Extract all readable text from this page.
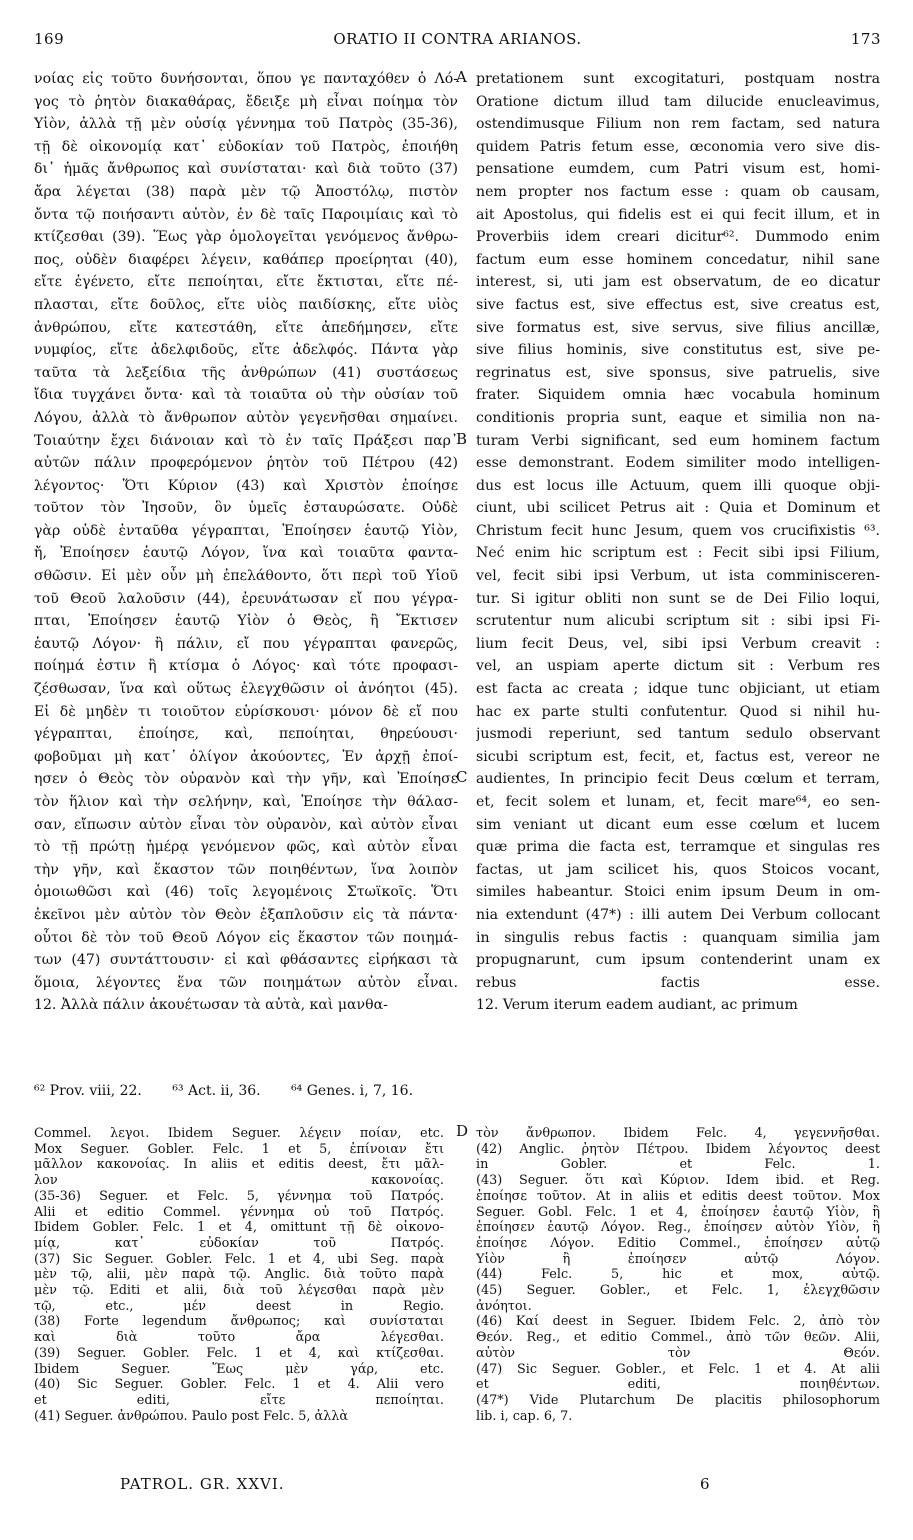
169	ORATIO II CONTRA ARIANOS.	173
νοίας εἰς τοῦτο δυνήσονται, ὅπου γε πανταχόθεν ὁ Λό-
γος τὸ ῥητὸν διακαθάρας, ἔδειξε μὴ εἶναι ποίημα τὸν
Υἱὸν, ἀλλὰ τῇ μὲν οὐσίᾳ γέννημα τοῦ Πατρὸς (35-36),
τῇ δὲ οἰκονομίᾳ κατ᾽ εὐδοκίαν τοῦ Πατρὸς, ἐποιήθη
δι᾽ ἡμᾶς ἄνθρωπος καὶ συνίσταται· καὶ διὰ τοῦτο (37)
ἄρα λέγεται (38) παρὰ μὲν τῷ Ἀποστόλῳ, πιστὸν
ὄντα τῷ ποιήσαντι αὐτὸν, ἐν δὲ ταῖς Παροιμίαις καὶ τὸ
κτίζεσθαι (39). Ἕως γὰρ ὁμολογεῖται γενόμενος ἄνθρω-
πος, οὐδὲν διαφέρει λέγειν, καθάπερ προείρηται (40),
εἴτε ἐγένετο, εἴτε πεποίηται, εἴτε ἔκτισται, εἴτε πέ-
πλασται, εἴτε δοῦλος, εἴτε υἱὸς παιδίσκης, εἴτε υἱὸς
ἀνθρώπου, εἴτε κατεστάθη, εἴτε ἀπεδήμησεν, εἴτε
νυμφίος, εἴτε ἀδελφιδοῦς, εἴτε ἀδελφός. Πάντα γὰρ
ταῦτα τὰ λεξείδια τῆς ἀνθρώπων (41) συστάσεως
ἴδια τυγχάνει ὄντα· καὶ τὰ τοιαῦτα οὐ τὴν οὐσίαν τοῦ
Λόγου, ἀλλὰ τὸ ἄνθρωπον αὐτὸν γεγενῆσθαι σημαίνει.
Τοιαύτην ἔχει διάνοιαν καὶ τὸ ἐν ταῖς Πράξεσι παρ᾽
αὐτῶν πάλιν προφερόμενον ῥητὸν τοῦ Πέτρου (42)
λέγοντος· Ὅτι Κύριον (43) καὶ Χριστὸν ἐποίησε
τοῦτον τὸν Ἰησοῦν, ὃν ὑμεῖς ἐσταυρώσατε. Οὐδὲ
γὰρ οὐδὲ ἐνταῦθα γέγραπται, Ἐποίησεν ἑαυτῷ Υἱὸν,
ἤ, Ἐποίησεν ἑαυτῷ Λόγον, ἵνα καὶ τοιαῦτα φαντα-
σθῶσιν. Εἰ μὲν οὖν μὴ ἐπελάθοντο, ὅτι περὶ τοῦ Υἱοῦ
τοῦ Θεοῦ λαλοῦσιν (44), ἐρευνάτωσαν εἴ που γέγρα-
πται, Ἐποίησεν ἑαυτῷ Υἱὸν ὁ Θεὸς, ἢ Ἔκτισεν
ἑαυτῷ Λόγον· ἢ πάλιν, εἴ που γέγραπται φανερῶς,
ποίημά ἐστιν ἢ κτίσμα ὁ Λόγος· καὶ τότε προφασι-
ζέσθωσαν, ἵνα καὶ οὕτως ἐλεγχθῶσιν οἱ ἀνόητοι (45).
Εἰ δὲ μηδὲν τι τοιοῦτον εὑρίσκουσι· μόνον δὲ εἴ που
γέγραπται, ἐποίησε, καὶ, πεποίηται, θηρεύουσι·
φοβοῦμαι μὴ κατ᾽ ὀλίγον ἀκούοντες, Ἐν ἀρχῇ ἐποί-
ησεν ὁ Θεὸς τὸν οὐρανὸν καὶ τὴν γῆν, καὶ Ἐποίησε
τὸν ἥλιον καὶ τὴν σελήνην, καὶ, Ἐποίησε τὴν θάλασ-
σαν, εἴπωσιν αὐτὸν εἶναι τὸν οὐρανὸν, καὶ αὐτὸν εἶναι
τὸ τῇ πρώτῃ ἡμέρᾳ γενόμενον φῶς, καὶ αὐτὸν εἶναι
τὴν γῆν, καὶ ἕκαστον τῶν ποιηθέντων, ἵνα λοιπὸν
ὁμοιωθῶσι καὶ (46) τοῖς λεγομένοις Στωϊκοῖς. Ὅτι
ἐκεῖνοι μὲν αὐτὸν τὸν Θεὸν ἐξαπλοῦσιν εἰς τὰ πάντα·
οὗτοι δὲ τὸν τοῦ Θεοῦ Λόγον εἰς ἕκαστον τῶν ποιημά-
των (47) συντάττουσιν· εἰ καὶ φθάσαντες εἰρήκασι τὰ
ὅμοια, λέγοντες ἕνα τῶν ποιημάτων αὐτὸν εἶναι.
12. Ἀλλὰ πάλιν ἀκουέτωσαν τὰ αὐτὰ, καὶ μανθα-
pretationem sunt excogitaturi, postquam nostra
Oratione dictum illud tam dilucide enucleavimus,
ostendimusque Filium non rem factam, sed natura
quidem Patris fetum esse, œconomia vero sive dis-
pensatione eumdem, cum Patri visum est, homi-
nem propter nos factum esse : quam ob causam,
ait Apostolus, qui fidelis est ei qui fecit illum, et in
Proverbiis idem creari dicitur⁶². Dummodo enim
factum eum esse hominem concedatur, nihil sane
interest, si, uti jam est observatum, de eo dicatur
sive factus est, sive effectus est, sive creatus est,
sive formatus est, sive servus, sive filius ancillæ,
sive filius hominis, sive constitutus est, sive pe-
regrinatus est, sive sponsus, sive patruelis, sive
frater. Siquidem omnia hæc vocabula hominum
conditionis propria sunt, eaque et similia non na-
turam Verbi significant, sed eum hominem factum
esse demonstrant. Eodem similiter modo intelligen-
dus est locus ille Actuum, quem illi quoque obji-
ciunt, ubi scilicet Petrus ait : Quia et Dominum et
Christum fecit hunc Jesum, quem vos crucifixistis ⁶³.
Neć enim hic scriptum est : Fecit sibi ipsi Filium,
vel, fecit sibi ipsi Verbum, ut ista comminisceren-
tur. Si igitur obliti non sunt se de Dei Filio loqui,
scrutentur num alicubi scriptum sit : sibi ipsi Fi-
lium fecit Deus, vel, sibi ipsi Verbum creavit :
vel, an uspiam aperte dictum sit : Verbum res
est facta ac creata ; idque tunc objiciant, ut etiam
hac ex parte stulti confutentur. Quod si nihil hu-
jusmodi reperiunt, sed tantum sedulo observant
sicubi scriptum est, fecit, et, factus est, vereor ne
audientes, In principio fecit Deus cœlum et terram,
et, fecit solem et lunam, et, fecit mare⁶⁴, eo sen-
sim veniant ut dicant eum esse cœlum et lucem
quæ prima die facta est, terramque et singulas res
factas, ut jam scilicet his, quos Stoicos vocant,
similes habeantur. Stoici enim ipsum Deum in om-
nia extendunt (47*) : illi autem Dei Verbum collocant
in singulis rebus factis : quanquam similia jam
propugnarunt, cum ipsum contenderint unam ex
rebus factis esse.
12. Verum iterum eadem audiant, ac primum
A
B
C
D
⁶² Prov. viii, 22. ⁶³ Act. ii, 36. ⁶⁴ Genes. i, 7, 16.
Commel. λεγοι. Ibidem Seguer. λέγειν ποίαν, etc.
Mox Seguer. Gobler. Felc. 1 et 5, ἐπίνοιαν ἔτι
μᾶλλον κακονοίας. In aliis et editis deest, ἔτι μᾶλ-
λον κακονοίας.
(35-36) Seguer. et Felc. 5, γέννημα τοῦ Πατρός.
Alii et editio Commel. γέννημα οὐ τοῦ Πατρός.
Ibidem Gobler. Felc. 1 et 4, omittunt τῇ δὲ οἰκονο-
μίᾳ, κατ᾽ εὐδοκίαν τοῦ Πατρός.
(37) Sic Seguer. Gobler. Felc. 1 et 4, ubi Seg. παρὰ
μὲν τῷ, alii, μὲν παρὰ τῷ. Anglic. διὰ τοῦτο παρὰ
μὲν τῷ. Editi et alii, διὰ τοῦ λέγεσθαι παρὰ μὲν
τῷ, etc., μέν deest in Regio.
(38) Forte legendum ἄνθρωπος; καὶ συνίσταται
καὶ διὰ τοῦτο ἄρα λέγεσθαι.
(39) Seguer. Gobler. Felc. 1 et 4, καὶ κτίζεσθαι.
Ibidem Seguer. Ἕως μὲν γάρ, etc.
(40) Sic Seguer. Gobler. Felc. 1 et 4. Alii vero
et editi, εἴτε πεποίηται.
(41) Seguer. ἀνθρώπου. Paulo post Felc. 5, ἀλλὰ
τὸν ἄνθρωπον. Ibidem Felc. 4, γεγεννῆσθαι.
(42) Anglic. ῥητὸν Πέτρου. Ibidem λέγοντος deest
in Gobler. et Felc. 1.
(43) Seguer. ὅτι καὶ Κύριον. Idem ibid. et Reg.
ἐποίησε τοῦτον. At in aliis et editis deest τοῦτον. Mox
Seguer. Gobl. Felc. 1 et 4, ἐποίησεν ἑαυτῷ Υἱὸν, ἢ
ἐποίησεν ἑαυτῷ Λόγον. Reg., ἐποίησεν αὐτὸν Υἱὸν, ἢ
ἐποίησε Λόγον. Editio Commel., ἐποίησεν αὐτῷ
Υἱὸν ἢ ἐποίησεν αὐτῷ Λόγον.
(44) Felc. 5, hic et mox, αὐτῷ.
(45) Seguer. Gobler., et Felc. 1, ἐλεγχθῶσιν
ἀνόητοι.
(46) Καί deest in Seguer. Ibidem Felc. 2, ἀπὸ τὸν
Θεόν. Reg., et editio Commel., ἀπὸ τῶν θεῶν. Alii,
αὐτὸν τὸν Θεόν.
(47) Sic Seguer. Gobler., et Felc. 1 et 4. At alii
et editi, ποιηθέντων.
(47*) Vide Plutarchum De placitis philosophorum
lib. i, cap. 6, 7.
PATROL. GR. XXVI.	6
